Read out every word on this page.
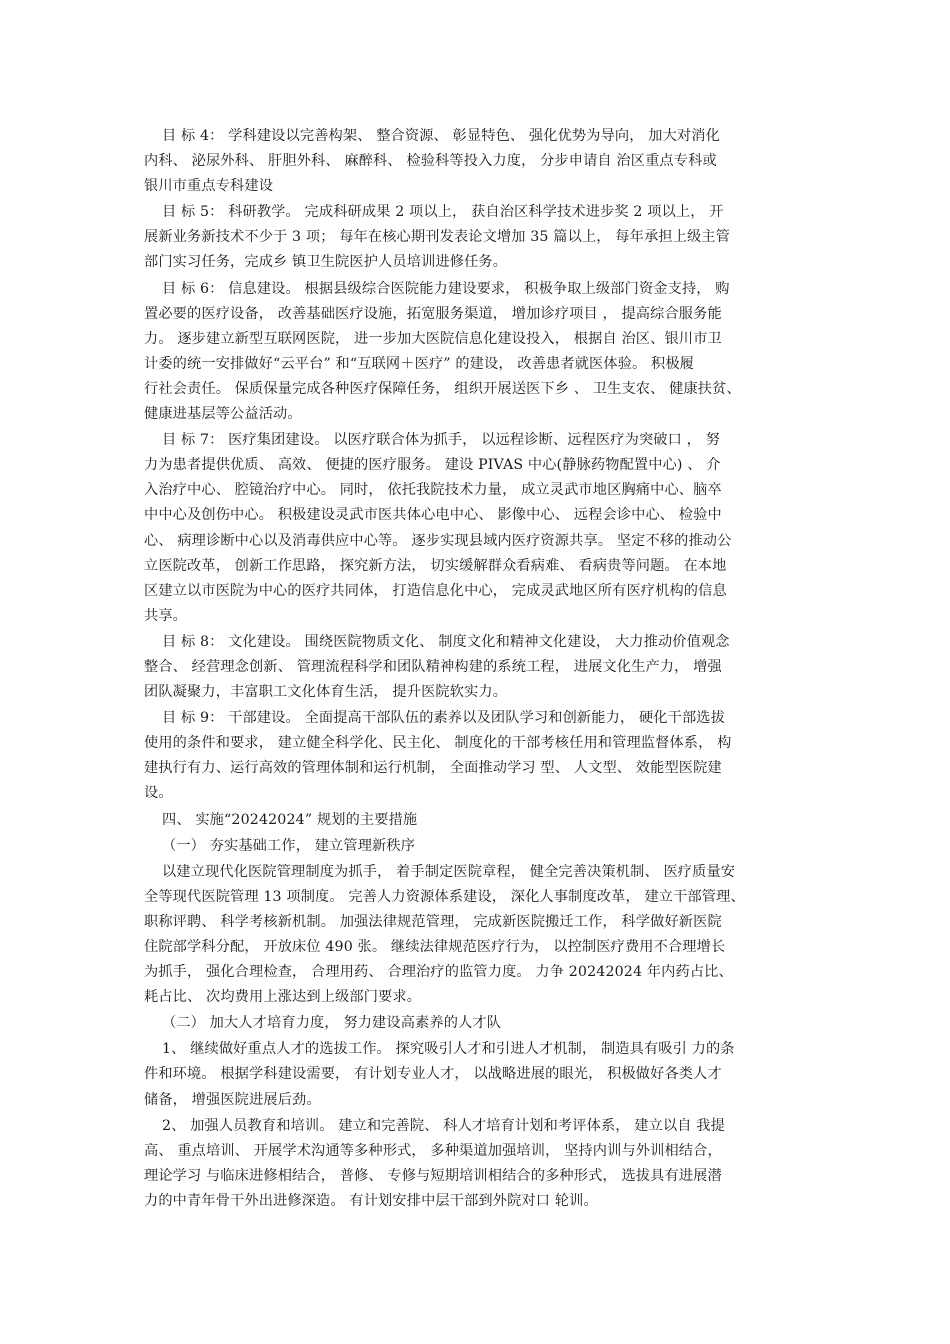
目 标 4： 学科建设以完善构架、 整合资源、 彰显特色、 强化优势为导向， 加大对消化
内科、 泌尿外科、 肝胆外科、 麻醉科、 检验科等投入力度， 分步申请自 治区重点专科或
银川市重点专科建设
目 标 5： 科研教学。 完成科研成果 2 项以上， 获自治区科学技术进步奖 2 项以上， 开
展新业务新技术不少于 3 项； 每年在核心期刊发表论文增加 35 篇以上， 每年承担上级主管
部门实习任务，完成乡 镇卫生院医护人员培训进修任务。
目 标 6： 信息建设。 根据县级综合医院能力建设要求， 积极争取上级部门资金支持， 购
置必要的医疗设备， 改善基础医疗设施，拓宽服务渠道， 增加诊疗项目 ， 提高综合服务能
力。 逐步建立新型互联网医院， 进一步加大医院信息化建设投入， 根据自 治区、银川市卫
计委的统一安排做好“云平台” 和“互联网＋医疗” 的建设， 改善患者就医体验。 积极履
行社会责任。 保质保量完成各种医疗保障任务， 组织开展送医下乡 、 卫生支农、 健康扶贫、
健康进基层等公益活动。
目 标 7： 医疗集团建设。 以医疗联合体为抓手， 以远程诊断、远程医疗为突破口 ， 努
力为患者提供优质、 高效、 便捷的医疗服务。 建设 PIVAS 中心(静脉药物配置中心) 、 介
入治疗中心、 腔镜治疗中心。 同时， 依托我院技术力量， 成立灵武市地区胸痛中心、脑卒
中中心及创伤中心。 积极建设灵武市医共体心电中心、 影像中心、 远程会诊中心、 检验中
心、 病理诊断中心以及消毒供应中心等。 逐步实现县域内医疗资源共享。 坚定不移的推动公
立医院改革， 创新工作思路， 探究新方法， 切实缓解群众看病难、 看病贵等问题。 在本地
区建立以市医院为中心的医疗共同体， 打造信息化中心， 完成灵武地区所有医疗机构的信息
共享。
目 标 8： 文化建设。 围绕医院物质文化、 制度文化和精神文化建设， 大力推动价值观念
整合、 经营理念创新、 管理流程科学和团队精神构建的系统工程， 进展文化生产力， 增强
团队凝聚力，丰富职工文化体育生活， 提升医院软实力。
目 标 9： 干部建设。 全面提高干部队伍的素养以及团队学习和创新能力， 硬化干部选拔
使用的条件和要求， 建立健全科学化、民主化、 制度化的干部考核任用和管理监督体系， 构
建执行有力、运行高效的管理体制和运行机制， 全面推动学习 型、 人文型、 效能型医院建
设。
四、 实施“20242024” 规划的主要措施
（一） 夯实基础工作， 建立管理新秩序
以建立现代化医院管理制度为抓手， 着手制定医院章程， 健全完善决策机制、 医疗质量安
全等现代医院管理 13 项制度。 完善人力资源体系建设， 深化人事制度改革， 建立干部管理、
职称评聘、 科学考核新机制。 加强法律规范管理， 完成新医院搬迁工作， 科学做好新医院
住院部学科分配， 开放床位 490 张。 继续法律规范医疗行为， 以控制医疗费用不合理增长
为抓手， 强化合理检查， 合理用药、 合理治疗的监管力度。 力争 20242024 年内药占比、
耗占比、 次均费用上涨达到上级部门要求。
（二） 加大人才培育力度， 努力建设高素养的人才队
1、 继续做好重点人才的选拔工作。 探究吸引人才和引进人才机制， 制造具有吸引 力的条
件和环境。 根据学科建设需要， 有计划专业人才， 以战略进展的眼光， 积极做好各类人才
储备， 增强医院进展后劲。
2、 加强人员教育和培训。 建立和完善院、 科人才培育计划和考评体系， 建立以自 我提
高、 重点培训、 开展学术沟通等多种形式， 多种渠道加强培训， 坚持内训与外训相结合，
理论学习 与临床进修相结合， 普修、 专修与短期培训相结合的多种形式， 选拔具有进展潜
力的中青年骨干外出进修深造。 有计划安排中层干部到外院对口 轮训。
